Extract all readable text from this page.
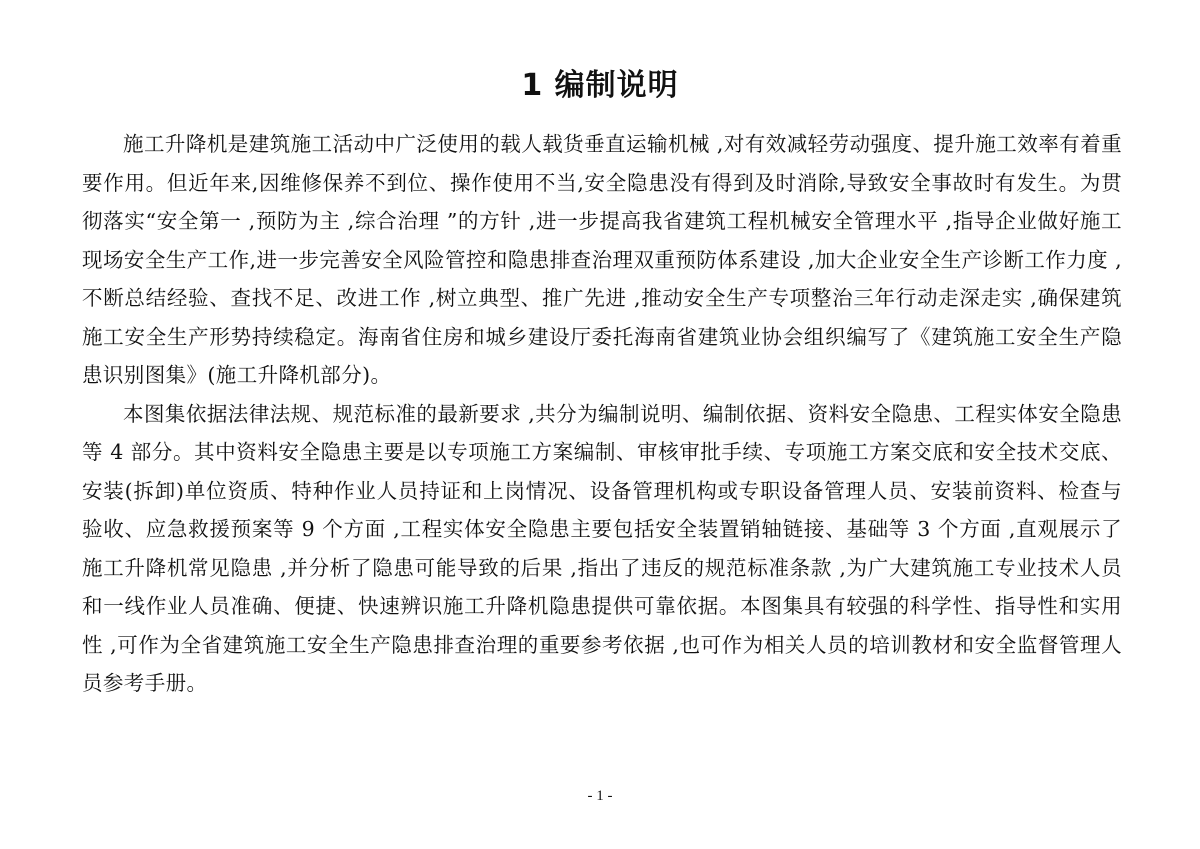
1 编制说明

施工升降机是建筑施工活动中广泛使用的载人载货垂直运输机械 ,对有效减轻劳动强度、提升施工效率有着重要作用。但近年来,因维修保养不到位、操作使用不当,安全隐患没有得到及时消除,导致安全事故时有发生。为贯彻落实“安全第一 ,预防为主 ,综合治理 ”的方针 ,进一步提高我省建筑工程机械安全管理水平 ,指导企业做好施工现场安全生产工作,进一步完善安全风险管控和隐患排查治理双重预防体系建设 ,加大企业安全生产诊断工作力度 ,不断总结经验、查找不足、改进工作 ,树立典型、推广先进 ,推动安全生产专项整治三年行动走深走实 ,确保建筑施工安全生产形势持续稳定。海南省住房和城乡建设厅委托海南省建筑业协会组织编写了《建筑施工安全生产隐患识别图集》(施工升降机部分)。

本图集依据法律法规、规范标准的最新要求 ,共分为编制说明、编制依据、资料安全隐患、工程实体安全隐患等 4 部分。其中资料安全隐患主要是以专项施工方案编制、审核审批手续、专项施工方案交底和安全技术交底、安装(拆卸)单位资质、特种作业人员持证和上岗情况、设备管理机构或专职设备管理人员、安装前资料、检查与验收、应急救援预案等 9 个方面 ,工程实体安全隐患主要包括安全装置销轴链接、基础等 3 个方面 ,直观展示了施工升降机常见隐患 ,并分析了隐患可能导致的后果 ,指出了违反的规范标准条款 ,为广大建筑施工专业技术人员和一线作业人员准确、便捷、快速辨识施工升降机隐患提供可靠依据。本图集具有较强的科学性、指导性和实用性 ,可作为全省建筑施工安全生产隐患排查治理的重要参考依据 ,也可作为相关人员的培训教材和安全监督管理人员参考手册。

- 1 -
